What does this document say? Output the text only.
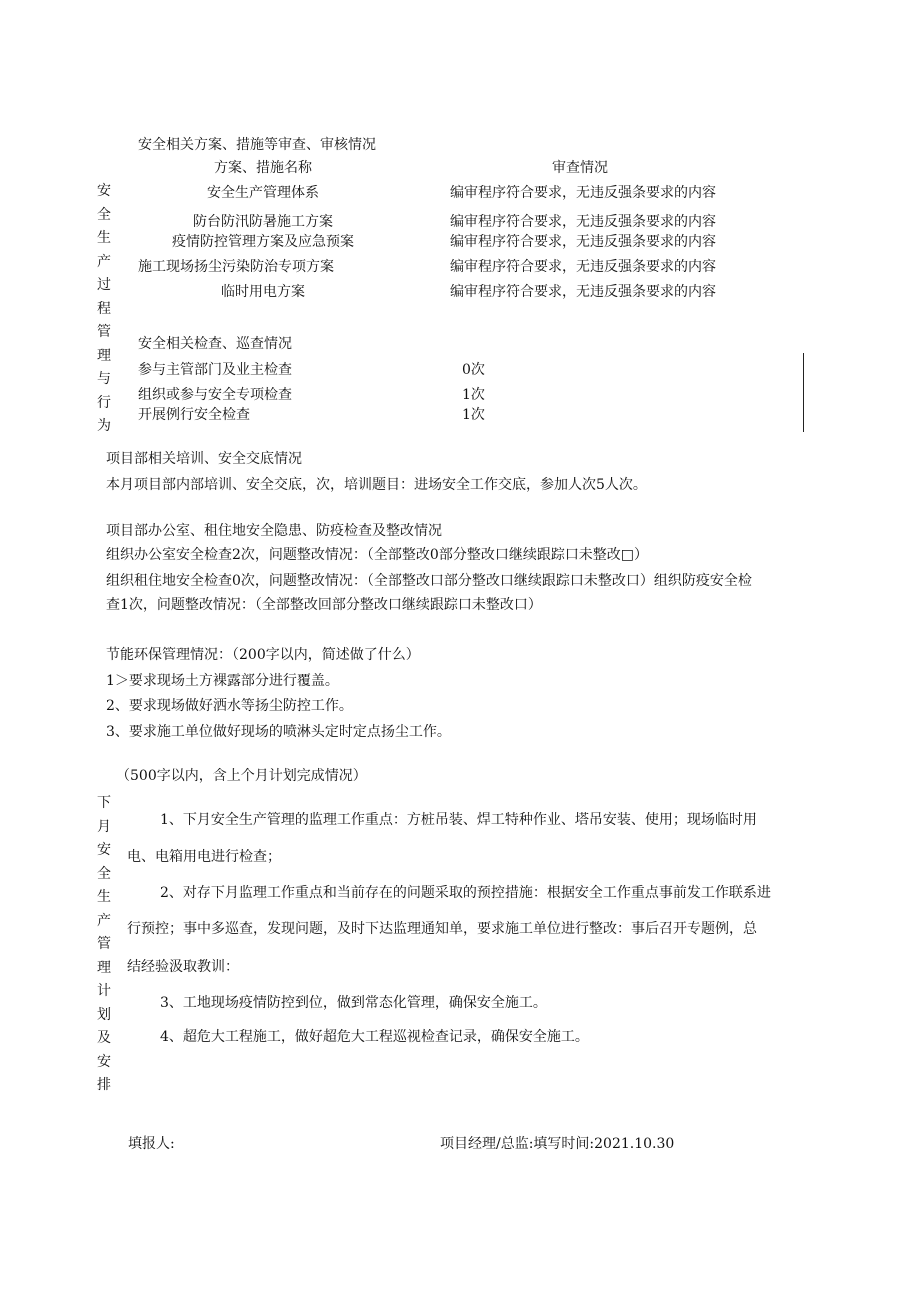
安
全
生
产
过
程
管
理
与
行
为
安全相关方案、措施等审查、审核情况
方案、措施名称	审查情况
安全生产管理体系	编审程序符合要求，无违反强条要求的内容
防台防汛防暑施工方案	编审程序符合要求，无违反强条要求的内容
疫情防控管理方案及应急预案	编审程序符合要求，无违反强条要求的内容
施工现场扬尘污染防治专项方案	编审程序符合要求，无违反强条要求的内容
临时用电方案	编审程序符合要求，无违反强条要求的内容
安全相关检查、巡查情况
参与主管部门及业主检查	0次
组织或参与安全专项检查	1次
开展例行安全检查	1次
项目部相关培训、安全交底情况
本月项目部内部培训、安全交底，次，培训题目：进场安全工作交底，参加人次5人次。
项目部办公室、租住地安全隐患、防疫检查及整改情况
组织办公室安全检查2次，问题整改情况：（全部整改0部分整改口继续跟踪口未整改□）
组织租住地安全检查0次，问题整改情况：（全部整改口部分整改口继续跟踪口未整改口）组织防疫安全检
查1次，问题整改情况：（全部整改回部分整改口继续跟踪口未整改口）
节能环保管理情况：（200字以内，简述做了什么）
1＞要求现场土方裸露部分进行覆盖。
2、要求现场做好洒水等扬尘防控工作。
3、要求施工单位做好现场的喷淋头定时定点扬尘工作。
（500字以内，含上个月计划完成情况）
下
月
安
全
生
产
管
理
计
划
及
安
排
1、下月安全生产管理的监理工作重点：方桩吊装、焊工特种作业、塔吊安装、使用；现场临时用
电、电箱用电进行检查；
2、对存下月监理工作重点和当前存在的问题采取的预控措施：根据安全工作重点事前发工作联系进
行预控；事中多巡查，发现问题，及时下达监理通知单，要求施工单位进行整改：事后召开专题例，总
结经验汲取教训：
3、工地现场疫情防控到位，做到常态化管理，确保安全施工。
4、超危大工程施工，做好超危大工程巡视检查记录，确保安全施工。
填报人:	项目经理/总监:填写时间:2021.10.30
